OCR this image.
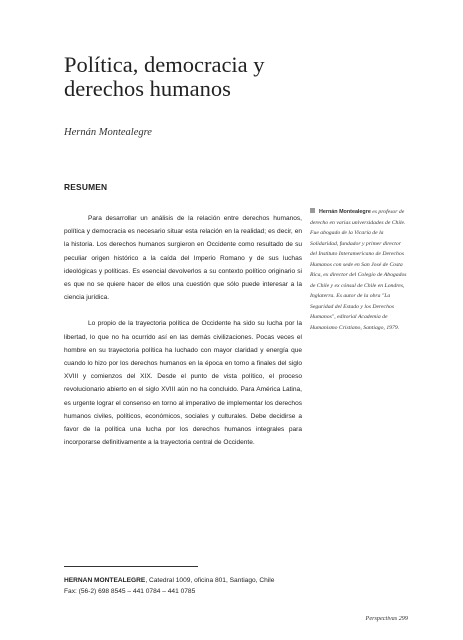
Política, democracia y derechos humanos
Hernán Montealegre
RESUMEN

Para desarrollar un análisis de la relación entre derechos humanos, política y democracia es necesario situar esta relación en la realidad; es decir, en la historia. Los derechos humanos surgieron en Occidente como resultado de su peculiar origen histórico a la caída del Imperio Romano y de sus luchas ideológicas y políticas. Es esencial devolverlos a su contexto político originario si es que no se quiere hacer de ellos una cuestión que sólo puede interesar a la ciencia jurídica.

Lo propio de la trayectoria política de Occidente ha sido su lucha por la libertad, lo que no ha ocurrido así en las demás civilizaciones. Pocas veces el hombre en su trayectoria política ha luchado con mayor claridad y energía que cuando lo hizo por los derechos humanos en la época en torno a finales del siglo XVIII y comienzos del XIX. Desde el punto de vista político, el proceso revolucionario abierto en el siglo XVIII aún no ha concluido. Para América Latina, es urgente lograr el consenso en torno al imperativo de implementar los derechos humanos civiles, políticos, económicos, sociales y culturales. Debe decidirse a favor de la política una lucha por los derechos humanos integrales para incorporarse definitivamente a la trayectoria central de Occidente.

Hernán Montealegre es profesor de derecho en varias universidades de Chile. Fue abogado de la Vicaría de la Solidaridad, fundador y primer director del Instituto Interamericano de Derechos Humanos con sede en San José de Costa Rica, ex director del Colegio de Abogados de Chile y ex cónsul de Chile en Londres, Inglaterra. Es autor de la obra "La Seguridad del Estado y los Derechos Humanos", editorial Academia de Humanismo Cristiano, Santiago, 1979.
HERNAN MONTEALEGRE, Catedral 1009, oficina 801, Santiago, Chile
Fax: (56-2) 698 8545 – 441 0784 – 441 0785
Perspectivas 299
